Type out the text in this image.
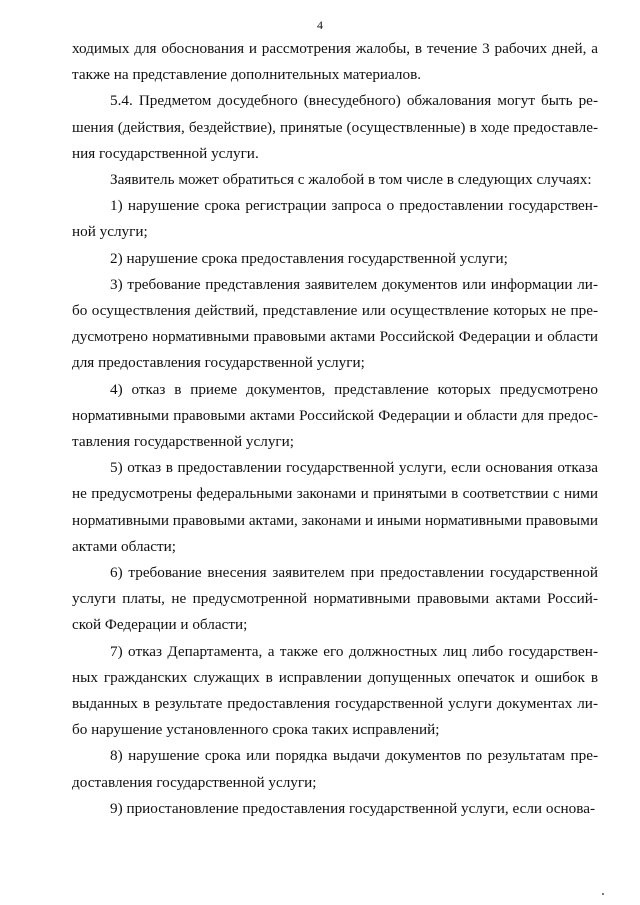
4

ходимых для обоснования и рассмотрения жалобы, в течение 3 рабочих дней, а также на представление дополнительных материалов.

5.4. Предметом досудебного (внесудебного) обжалования могут быть решения (действия, бездействие), принятые (осуществленные) в ходе предоставления государственной услуги.

Заявитель может обратиться с жалобой в том числе в следующих случаях:

1) нарушение срока регистрации запроса о предоставлении государственной услуги;

2) нарушение срока предоставления государственной услуги;

3) требование представления заявителем документов или информации либо осуществления действий, представление или осуществление которых не предусмотрено нормативными правовыми актами Российской Федерации и области для предоставления государственной услуги;

4) отказ в приеме документов, представление которых предусмотрено нормативными правовыми актами Российской Федерации и области для предоставления государственной услуги;

5) отказ в предоставлении государственной услуги, если основания отказа не предусмотрены федеральными законами и принятыми в соответствии с ними нормативными правовыми актами, законами и иными нормативными правовыми актами области;

6) требование внесения заявителем при предоставлении государственной услуги платы, не предусмотренной нормативными правовыми актами Российской Федерации и области;

7) отказ Департамента, а также его должностных лиц либо государственных гражданских служащих в исправлении допущенных опечаток и ошибок в выданных в результате предоставления государственной услуги документах либо нарушение установленного срока таких исправлений;

8) нарушение срока или порядка выдачи документов по результатам предоставления государственной услуги;

9) приостановление предоставления государственной услуги, если основа-
